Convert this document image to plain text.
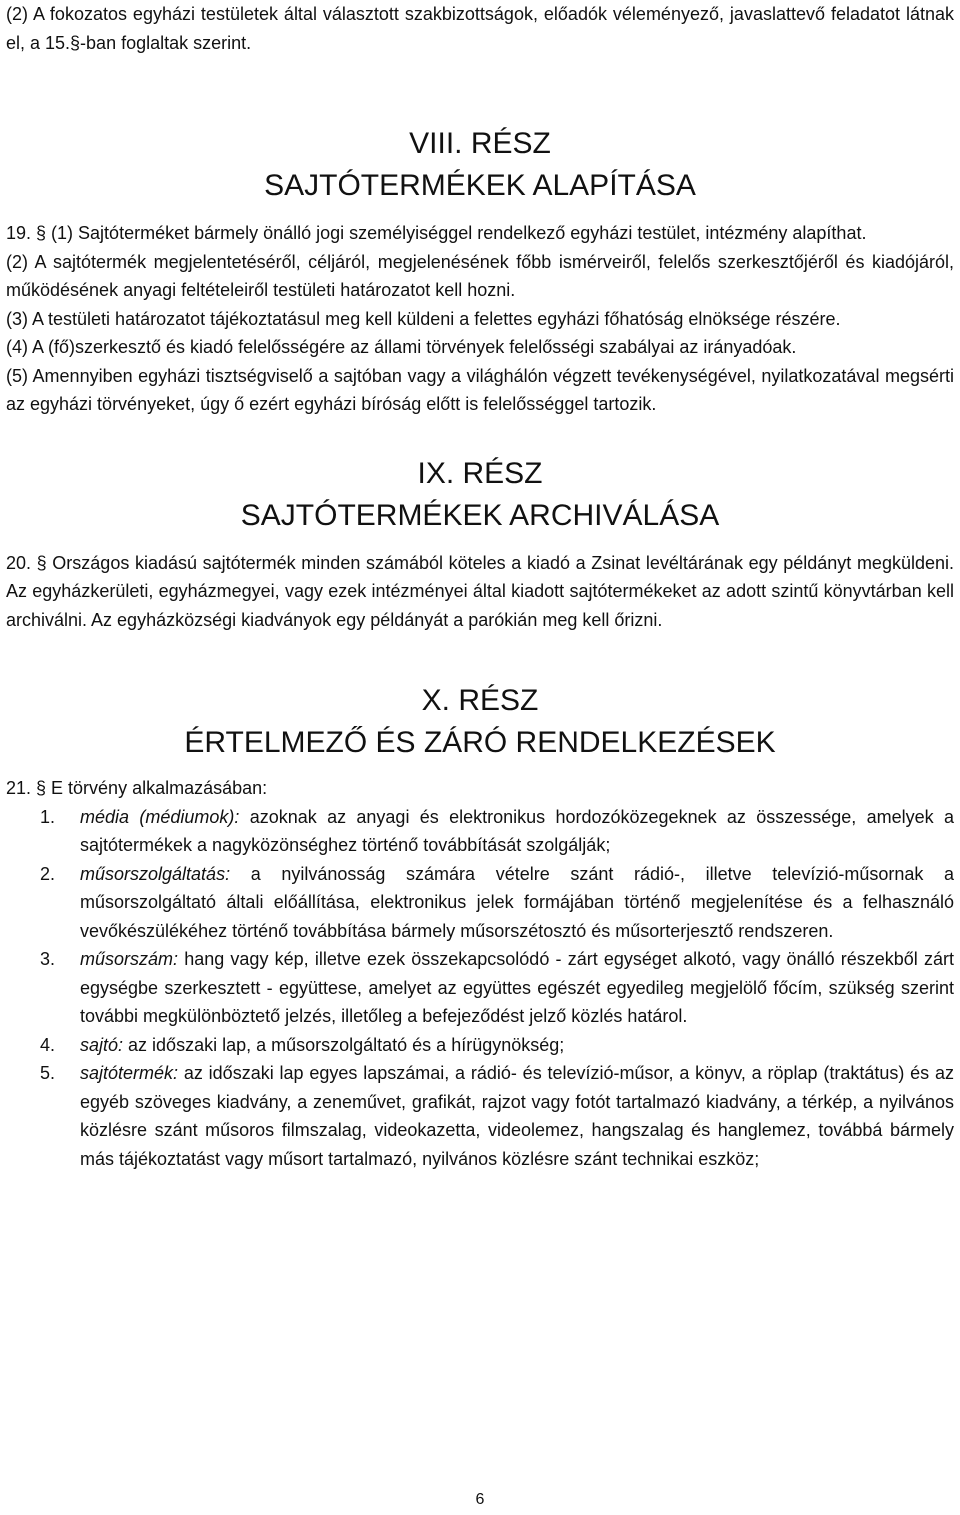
(2) A fokozatos egyházi testületek által választott szakbizottságok, előadók véleményező, javaslattevő feladatot látnak el, a 15.§-ban foglaltak szerint.

VIII. RÉSZ
SAJTÓTERMÉKEK ALAPÍTÁSA

19. § (1) Sajtóterméket bármely önálló jogi személyiséggel rendelkező egyházi testület, intézmény alapíthat.

(2) A sajtótermék megjelentetéséről, céljáról, megjelenésének főbb ismérveiről, felelős szerkesztőjéről és kiadójáról, működésének anyagi feltételeiről testületi határozatot kell hozni.

(3) A testületi határozatot tájékoztatásul meg kell küldeni a felettes egyházi főhatóság elnöksége részére.

(4) A (fő)szerkesztő és kiadó felelősségére az állami törvények felelősségi szabályai az irányadóak.

(5) Amennyiben egyházi tisztségviselő a sajtóban vagy a világhálón végzett tevékenységével, nyilatkozatával megsérti az egyházi törvényeket, úgy ő ezért egyházi bíróság előtt is felelősséggel tartozik.

IX. RÉSZ
SAJTÓTERMÉKEK ARCHIVÁLÁSA

20. § Országos kiadású sajtótermék minden számából köteles a kiadó a Zsinat levéltárának egy példányt megküldeni. Az egyházkerületi, egyházmegyei, vagy ezek intézményei által kiadott sajtótermékeket az adott szintű könyvtárban kell archiválni. Az egyházközségi kiadványok egy példányát a parókián meg kell őrizni.

X. RÉSZ
ÉRTELMEZŐ ÉS ZÁRÓ RENDELKEZÉSEK

21. § E törvény alkalmazásában:

1. média (médiumok): azoknak az anyagi és elektronikus hordozóközegeknek az összessége, amelyek a sajtótermékek a nagyközönséghez történő továbbítását szolgálják;
2. műsorszolgáltatás: a nyilvánosság számára vételre szánt rádió-, illetve televízió-műsornak a műsorszolgáltató általi előállítása, elektronikus jelek formájában történő megjelenítése és a felhasználó vevőkészülékéhez történő továbbítása bármely műsorszétosztó és műsorterjesztő rendszeren.
3. műsorszám: hang vagy kép, illetve ezek összekapcsolódó - zárt egységet alkotó, vagy önálló részekből zárt egységbe szerkesztett - együttese, amelyet az együttes egészét egyedileg megjelölő főcím, szükség szerint további megkülönböztető jelzés, illetőleg a befejeződést jelző közlés határol.
4. sajtó: az időszaki lap, a műsorszolgáltató és a hírügynökség;
5. sajtótermék: az időszaki lap egyes lapszámai, a rádió- és televízió-műsor, a könyv, a röplap (traktátus) és az egyéb szöveges kiadvány, a zeneművet, grafikát, rajzot vagy fotót tartalmazó kiadvány, a térkép, a nyilvános közlésre szánt műsoros filmszalag, videokazetta, videolemez, hangszalag és hanglemez, továbbá bármely más tájékoztatást vagy műsort tartalmazó, nyilvános közlésre szánt technikai eszköz;
6
